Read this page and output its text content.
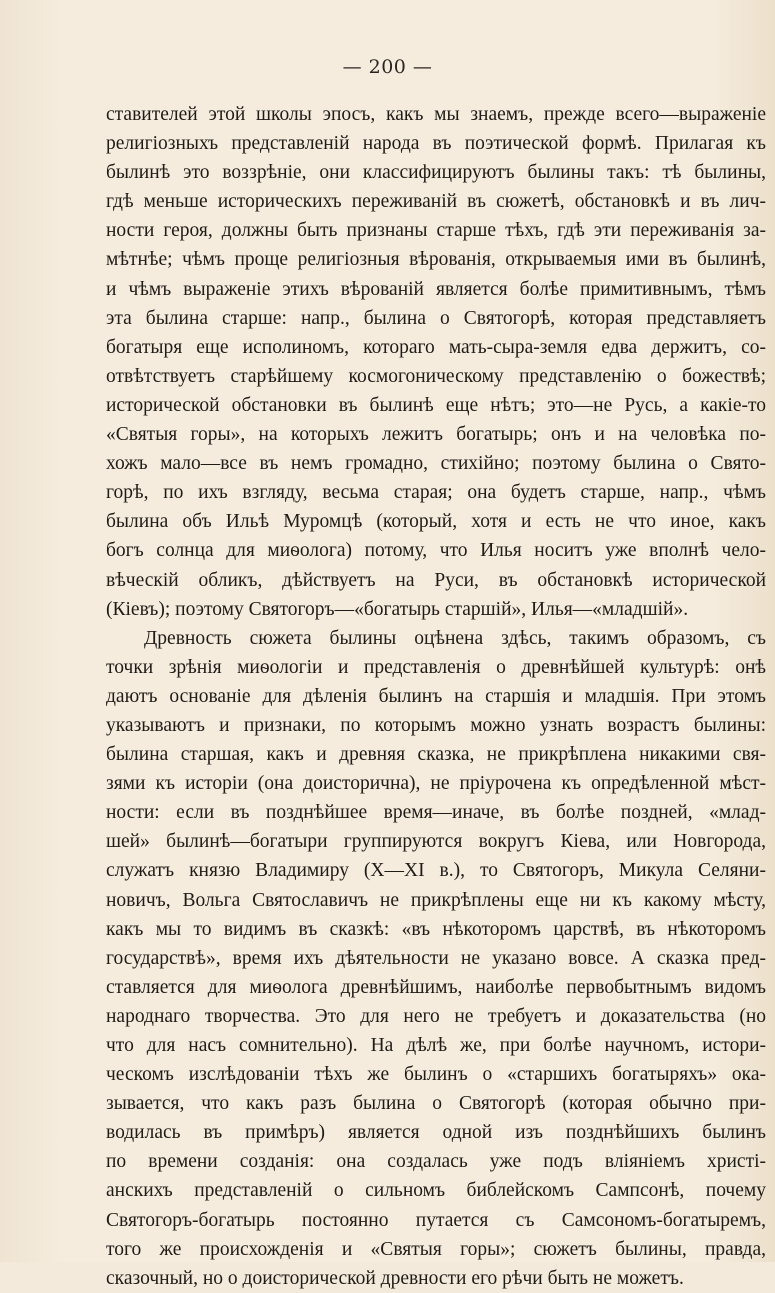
— 200 —
ставителей этой школы эпосъ, какъ мы знаемъ, прежде всего—выраженiе
религiозныхъ представленiй народа въ поэтической формѣ. Прилагая къ
былинѣ это воззрѣнiе, они классифицируютъ былины такъ: тѣ былины,
гдѣ меньше историческихъ переживанiй въ сюжетѣ, обстановкѣ и въ лич-
ности героя, должны быть признаны старше тѣхъ, гдѣ эти переживанiя за-
мѣтнѣе; чѣмъ проще религiозныя вѣрованiя, открываемыя ими въ былинѣ,
и чѣмъ выраженiе этихъ вѣрованiй является болѣе примитивнымъ, тѣмъ
эта былина старше: напр., былина о Святогорѣ, которая представляетъ
богатыря еще исполиномъ, котораго мать-сыра-земля едва держитъ, со-
отвѣтствуетъ старѣйшему космогоническому представленiю о божествѣ;
исторической обстановки въ былинѣ еще нѣтъ; это—не Русь, а какiе-то
«Святыя горы», на которыхъ лежитъ богатырь; онъ и на человѣка по-
хожъ мало—все въ немъ громадно, стихiйно; поэтому былина о Свято-
горѣ, по ихъ взгляду, весьма старая; она будетъ старше, напр., чѣмъ
былина объ Ильѣ Муромцѣ (который, хотя и есть не что иное, какъ
богъ солнца для миѳолога) потому, что Илья носитъ уже вполнѣ чело-
вѣческiй обликъ, дѣйствуетъ на Руси, въ обстановкѣ исторической
(Кiевъ); поэтому Святогоръ—«богатырь старшiй», Илья—«младшiй».
Древность сюжета былины оцѣнена здѣсь, такимъ образомъ, съ
точки зрѣнiя миѳологiи и представленiя о древнѣйшей культурѣ: онѣ
даютъ основанiе для дѣленiя былинъ на старшiя и младшiя. При этомъ
указываютъ и признаки, по которымъ можно узнать возрастъ былины:
былина старшая, какъ и древняя сказка, не прикрѣплена никакими свя-
зями къ исторiи (она доисторична), не прiурочена къ опредѣленной мѣст-
ности: если въ позднѣйшее время—иначе, въ болѣе поздней, «млад-
шей» былинѣ—богатыри группируются вокругъ Кiева, или Новгорода,
служатъ князю Владимиру (X—XI в.), то Святогоръ, Микула Селяни-
новичъ, Вольга Святославичъ не прикрѣплены еще ни къ какому мѣсту,
какъ мы то видимъ въ сказкѣ: «въ нѣкоторомъ царствѣ, въ нѣкоторомъ
государствѣ», время ихъ дѣятельности не указано вовсе. А сказка пред-
ставляется для миѳолога древнѣйшимъ, наиболѣе первобытнымъ видомъ
народнаго творчества. Это для него не требуетъ и доказательства (но
что для насъ сомнительно). На дѣлѣ же, при болѣе научномъ, истори-
ческомъ изслѣдованiи тѣхъ же былинъ о «старшихъ богатыряхъ» ока-
зывается, что какъ разъ былина о Святогорѣ (которая обычно при-
водилась въ примѣръ) является одной изъ позднѣйшихъ былинъ
по времени созданiя: она создалась уже подъ влiянiемъ христi-
анскихъ представленiй о сильномъ библейскомъ Сампсонѣ, почему
Святогоръ-богатырь постоянно путается съ Самсономъ-богатыремъ,
того же происхожденiя и «Святыя горы»; сюжетъ былины, правда,
сказочный, но о доисторической древности его рѣчи быть не можетъ.
